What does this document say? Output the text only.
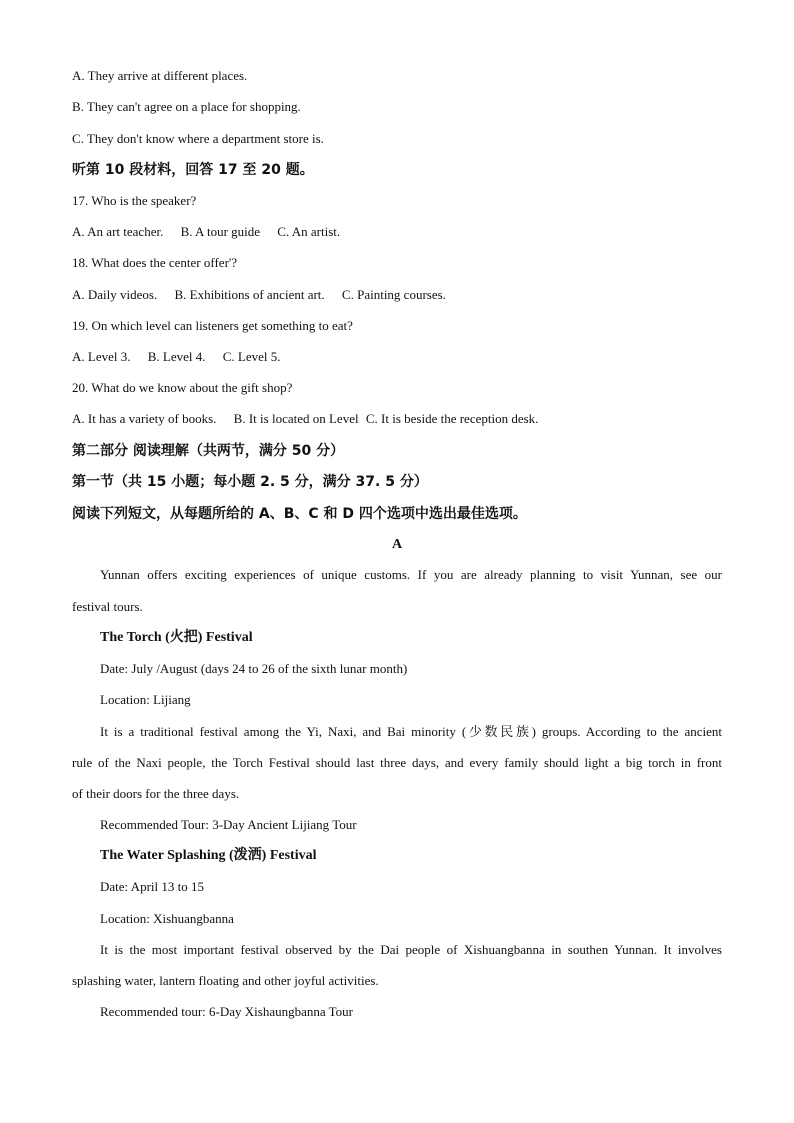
A. They arrive at different places.
B. They can't agree on a place for shopping.
C. They don't know where a department store is.
听第 10 段材料，回答 17 至 20 题。
17. Who is the speaker?
A. An art teacher. B. A tour guide C. An artist.
18. What does the center offer'?
A. Daily videos. B. Exhibitions of ancient art. C. Painting courses.
19. On which level can listeners get something to eat?
A. Level 3. B. Level 4. C. Level 5.
20. What do we know about the gift shop?
A. It has a variety of books. B. It is located on Level C. It is beside the reception desk.
第二部分 阅读理解（共两节，满分 50 分）
第一节（共 15 小题；每小题 2. 5 分，满分 37. 5 分）
阅读下列短文，从每题所给的 A、B、C 和 D 四个选项中选出最佳选项。
A
Yunnan offers exciting experiences of unique customs. If you are already planning to visit Yunnan, see our
festival tours.
The Torch (火把) Festival
Date: July /August (days 24 to 26 of the sixth lunar month)
Location: Lijiang
It is a traditional festival among the Yi, Naxi, and Bai minority (少数民族) groups. According to the ancient
rule of the Naxi people, the Torch Festival should last three days, and every family should light a big torch in front
of their doors for the three days.
Recommended Tour: 3-Day Ancient Lijiang Tour
The Water Splashing (泼洒) Festival
Date: April 13 to 15
Location: Xishuangbanna
It is the most important festival observed by the Dai people of Xishuangbanna in southen Yunnan. It involves
splashing water, lantern floating and other joyful activities.
Recommended tour: 6-Day Xishaungbanna Tour
